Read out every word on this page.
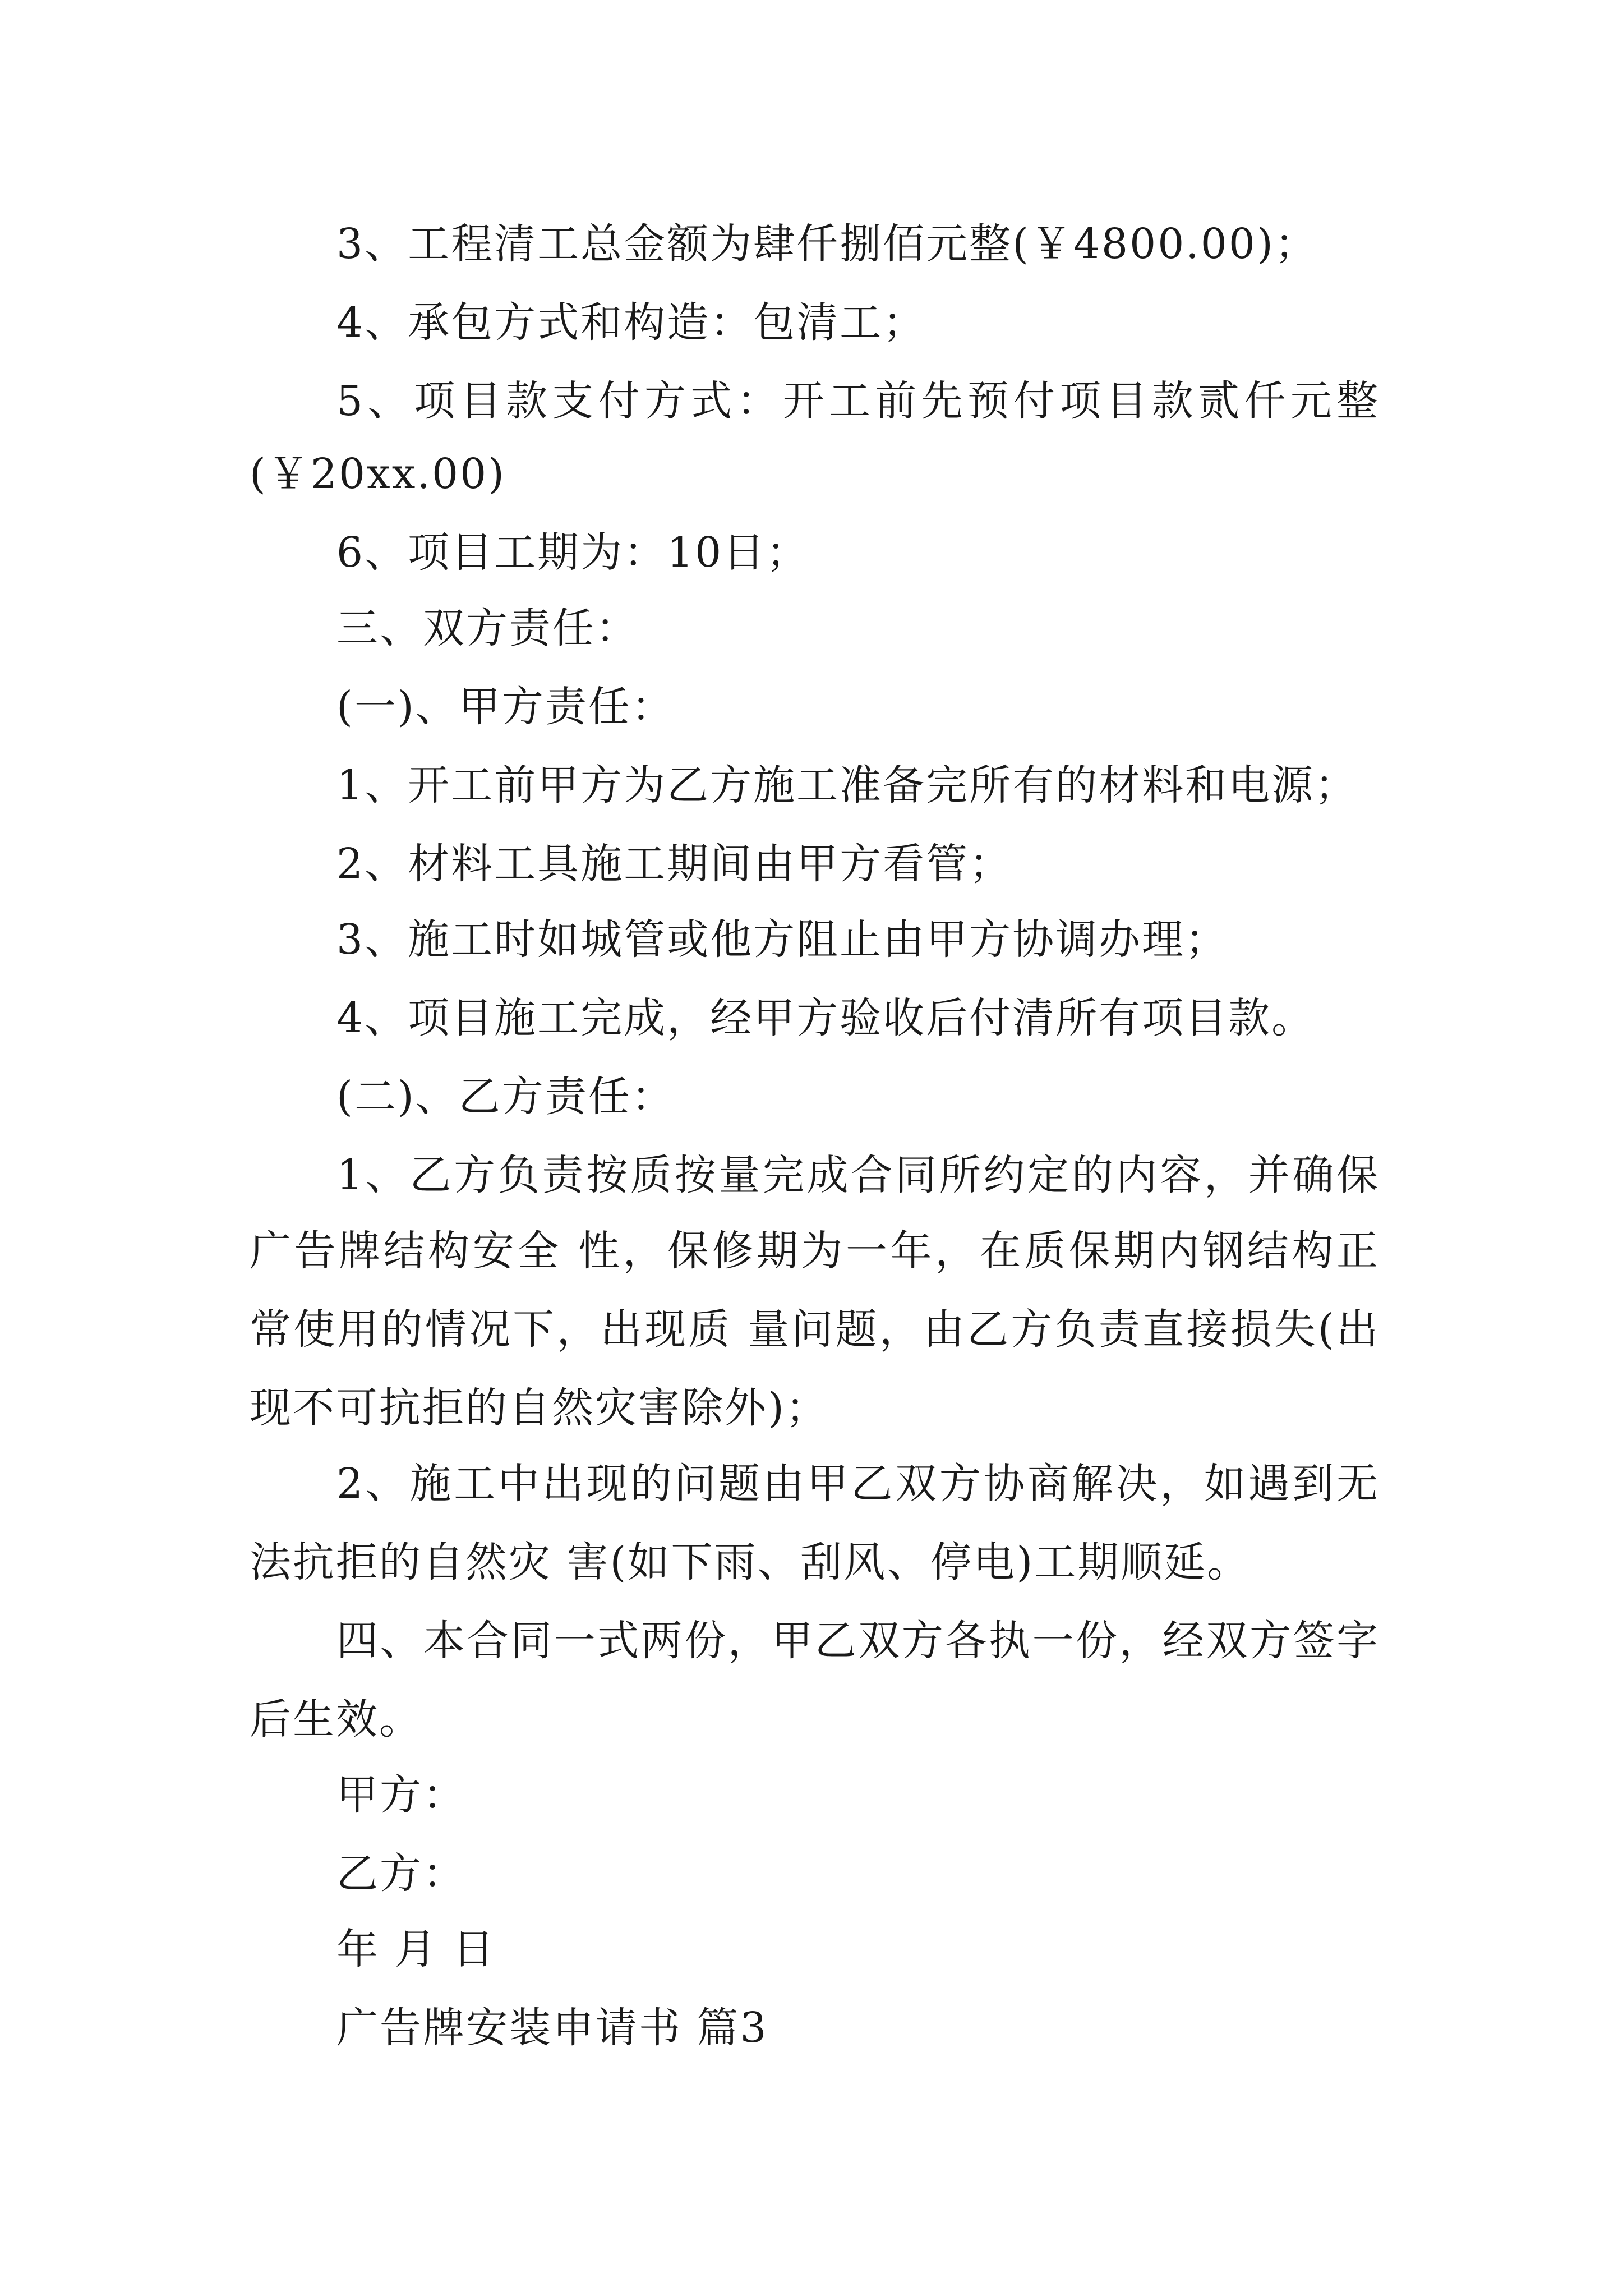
3、工程清工总金额为肆仟捌佰元整(￥4800.00)；
4、承包方式和构造：包清工；
5、项目款支付方式：开工前先预付项目款贰仟元整
(￥20xx.00)
6、项目工期为：10日；
三、双方责任：
(一)、甲方责任：
1、开工前甲方为乙方施工准备完所有的材料和电源；
2、材料工具施工期间由甲方看管；
3、施工时如城管或他方阻止由甲方协调办理；
4、项目施工完成，经甲方验收后付清所有项目款。
(二)、乙方责任：
1、乙方负责按质按量完成合同所约定的内容，并确保
广告牌结构安全 性，保修期为一年，在质保期内钢结构正
常使用的情况下，出现质 量问题，由乙方负责直接损失(出
现不可抗拒的自然灾害除外)；
2、施工中出现的问题由甲乙双方协商解决，如遇到无
法抗拒的自然灾 害(如下雨、刮风、停电)工期顺延。
四、本合同一式两份，甲乙双方各执一份，经双方签字
后生效。
甲方：
乙方：
年 月 日
广告牌安装申请书 篇3
